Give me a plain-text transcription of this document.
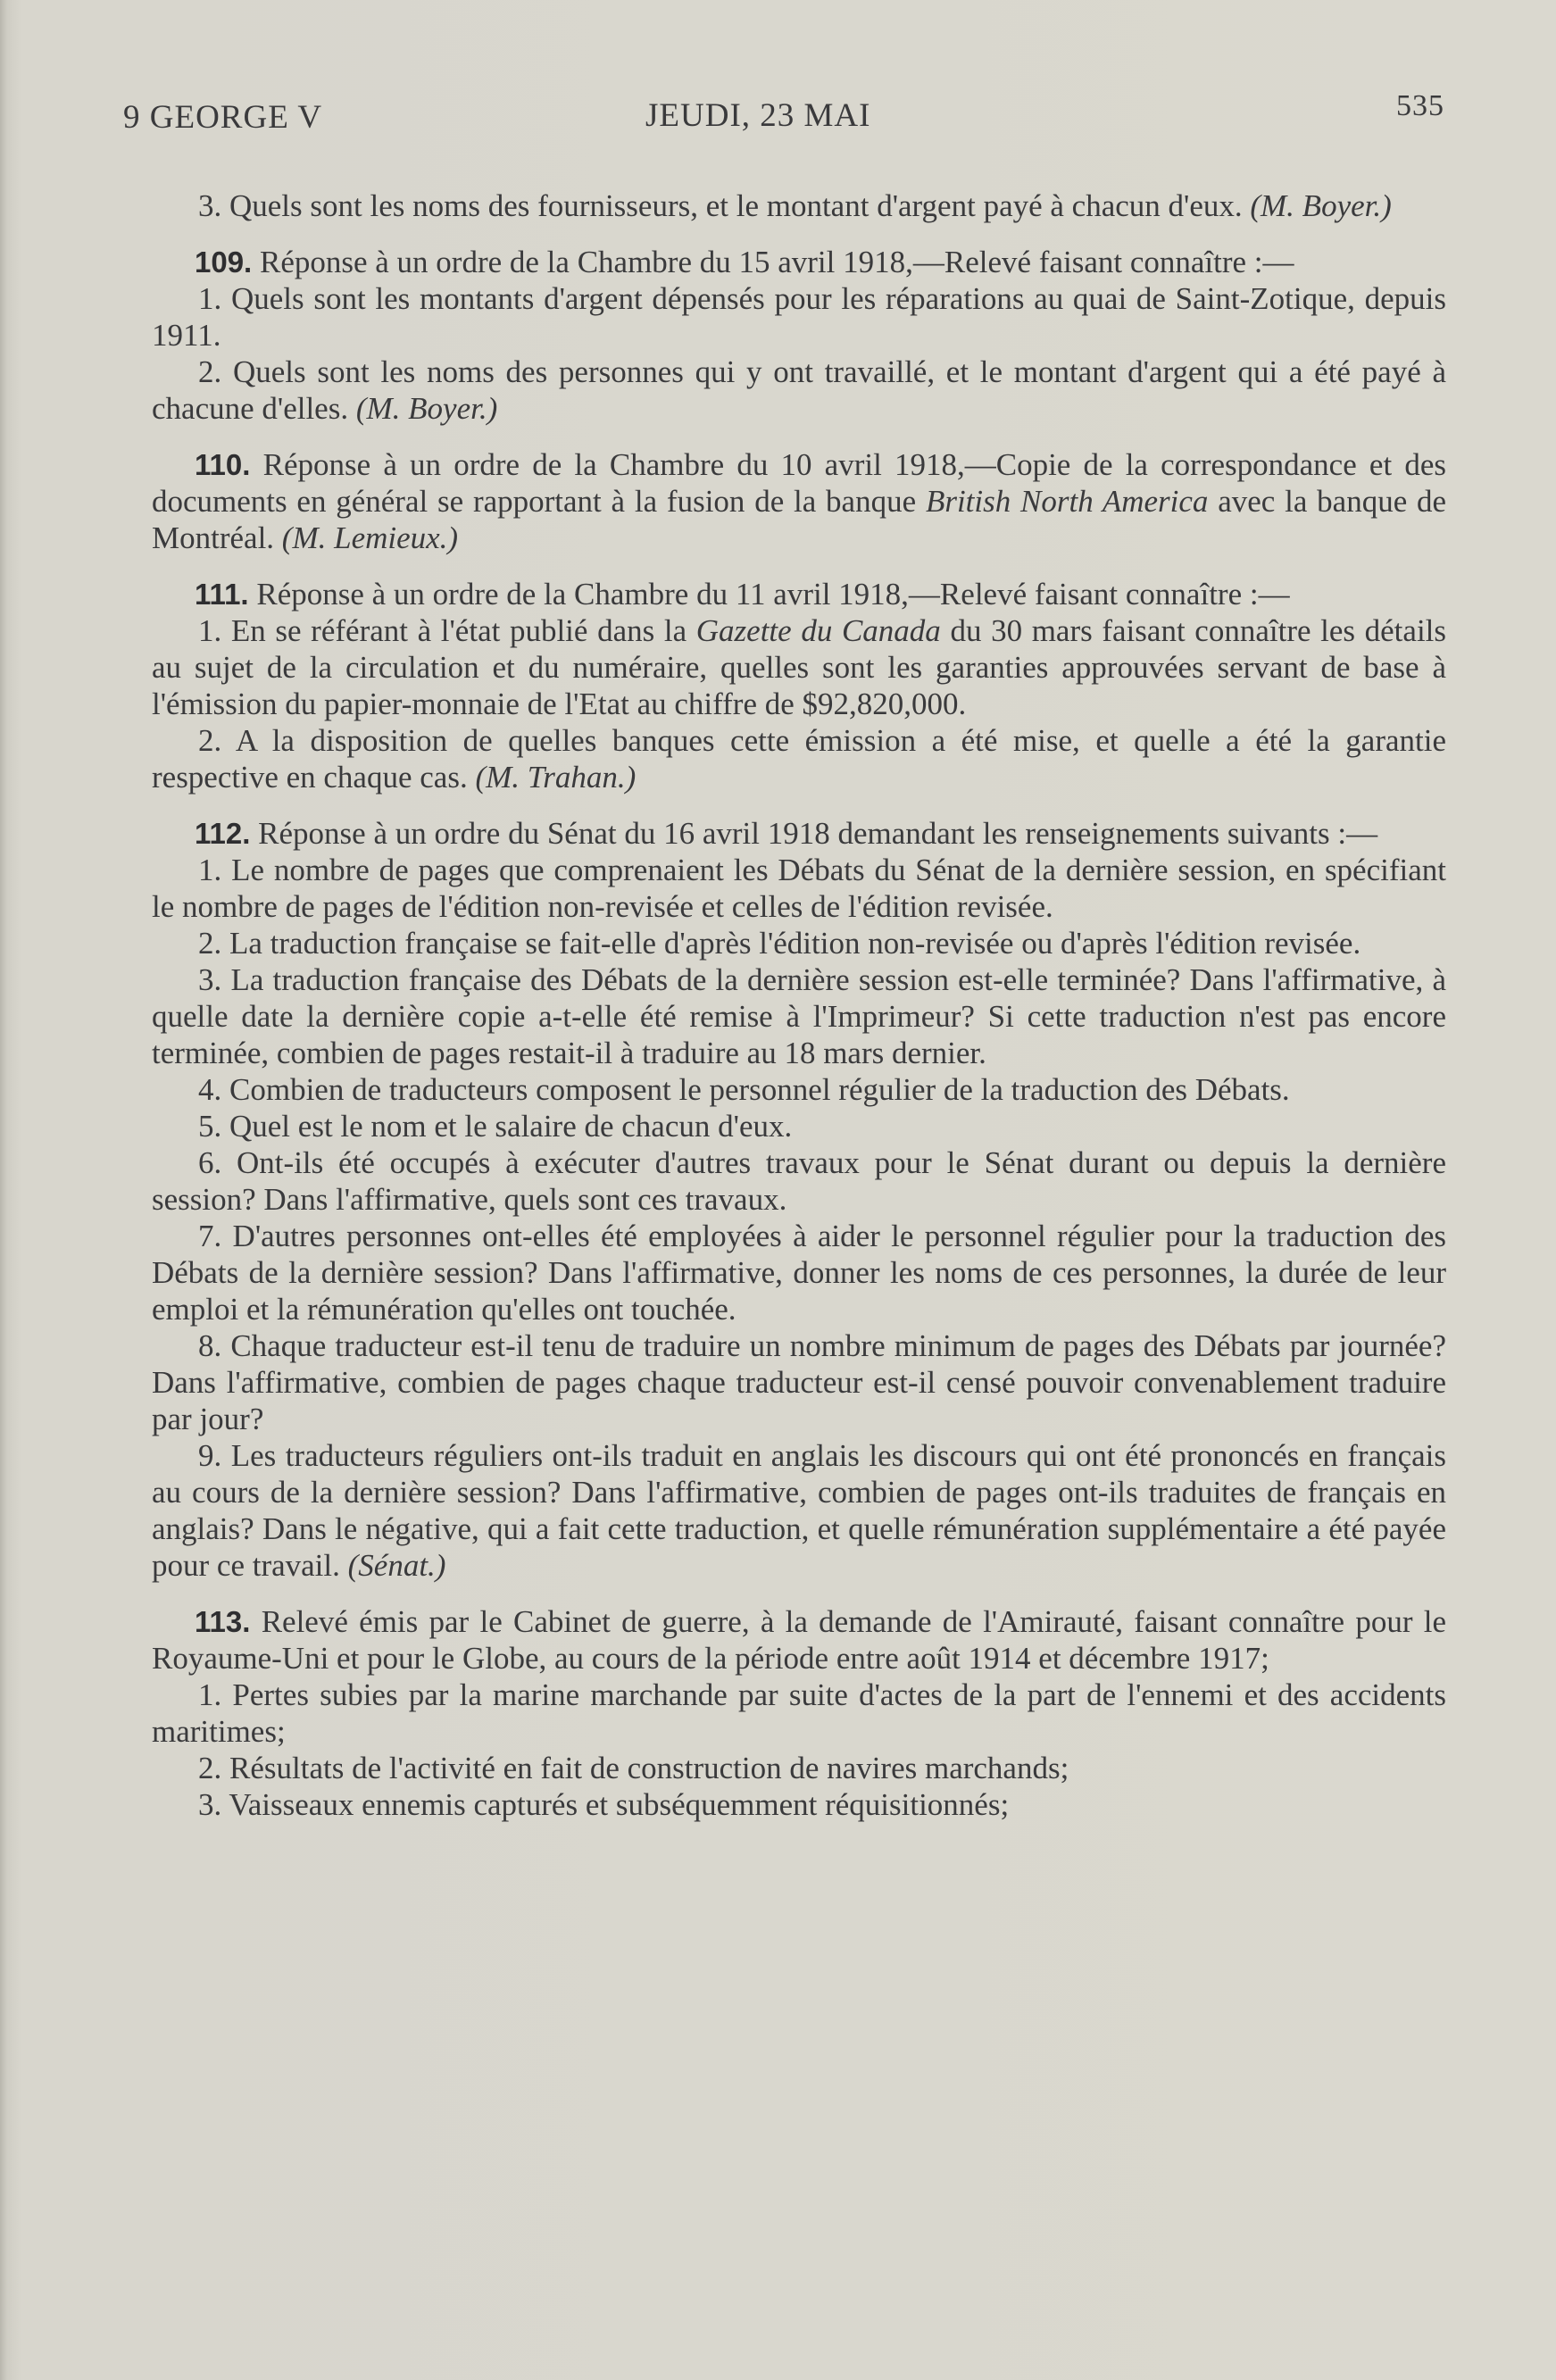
9 GEORGE V	JEUDI, 23 MAI	535

3. Quels sont les noms des fournisseurs, et le montant d'argent payé à chacun d'eux. (M. Boyer.)

109. Réponse à un ordre de la Chambre du 15 avril 1918,—Relevé faisant connaître :—

1. Quels sont les montants d'argent dépensés pour les réparations au quai de Saint-Zotique, depuis 1911.

2. Quels sont les noms des personnes qui y ont travaillé, et le montant d'argent qui a été payé à chacune d'elles. (M. Boyer.)

110. Réponse à un ordre de la Chambre du 10 avril 1918,—Copie de la correspondance et des documents en général se rapportant à la fusion de la banque British North America avec la banque de Montréal. (M. Lemieux.)

111. Réponse à un ordre de la Chambre du 11 avril 1918,—Relevé faisant connaître :—

1. En se référant à l'état publié dans la Gazette du Canada du 30 mars faisant connaître les détails au sujet de la circulation et du numéraire, quelles sont les garanties approuvées servant de base à l'émission du papier-monnaie de l'Etat au chiffre de $92,820,000.

2. A la disposition de quelles banques cette émission a été mise, et quelle a été la garantie respective en chaque cas. (M. Trahan.)

112. Réponse à un ordre du Sénat du 16 avril 1918 demandant les renseignements suivants :—

1. Le nombre de pages que comprenaient les Débats du Sénat de la dernière session, en spécifiant le nombre de pages de l'édition non-revisée et celles de l'édition revisée.

2. La traduction française se fait-elle d'après l'édition non-revisée ou d'après l'édition revisée.

3. La traduction française des Débats de la dernière session est-elle terminée? Dans l'affirmative, à quelle date la dernière copie a-t-elle été remise à l'Imprimeur? Si cette traduction n'est pas encore terminée, combien de pages restait-il à traduire au 18 mars dernier.

4. Combien de traducteurs composent le personnel régulier de la traduction des Débats.

5. Quel est le nom et le salaire de chacun d'eux.

6. Ont-ils été occupés à exécuter d'autres travaux pour le Sénat durant ou depuis la dernière session? Dans l'affirmative, quels sont ces travaux.

7. D'autres personnes ont-elles été employées à aider le personnel régulier pour la traduction des Débats de la dernière session? Dans l'affirmative, donner les noms de ces personnes, la durée de leur emploi et la rémunération qu'elles ont touchée.

8. Chaque traducteur est-il tenu de traduire un nombre minimum de pages des Débats par journée? Dans l'affirmative, combien de pages chaque traducteur est-il censé pouvoir convenablement traduire par jour?

9. Les traducteurs réguliers ont-ils traduit en anglais les discours qui ont été prononcés en français au cours de la dernière session? Dans l'affirmative, combien de pages ont-ils traduites de français en anglais? Dans le négative, qui a fait cette traduction, et quelle rémunération supplémentaire a été payée pour ce travail. (Sénat.)

113. Relevé émis par le Cabinet de guerre, à la demande de l'Amirauté, faisant connaître pour le Royaume-Uni et pour le Globe, au cours de la période entre août 1914 et décembre 1917;

1. Pertes subies par la marine marchande par suite d'actes de la part de l'ennemi et des accidents maritimes;

2. Résultats de l'activité en fait de construction de navires marchands;

3. Vaisseaux ennemis capturés et subséquemment réquisitionnés;
